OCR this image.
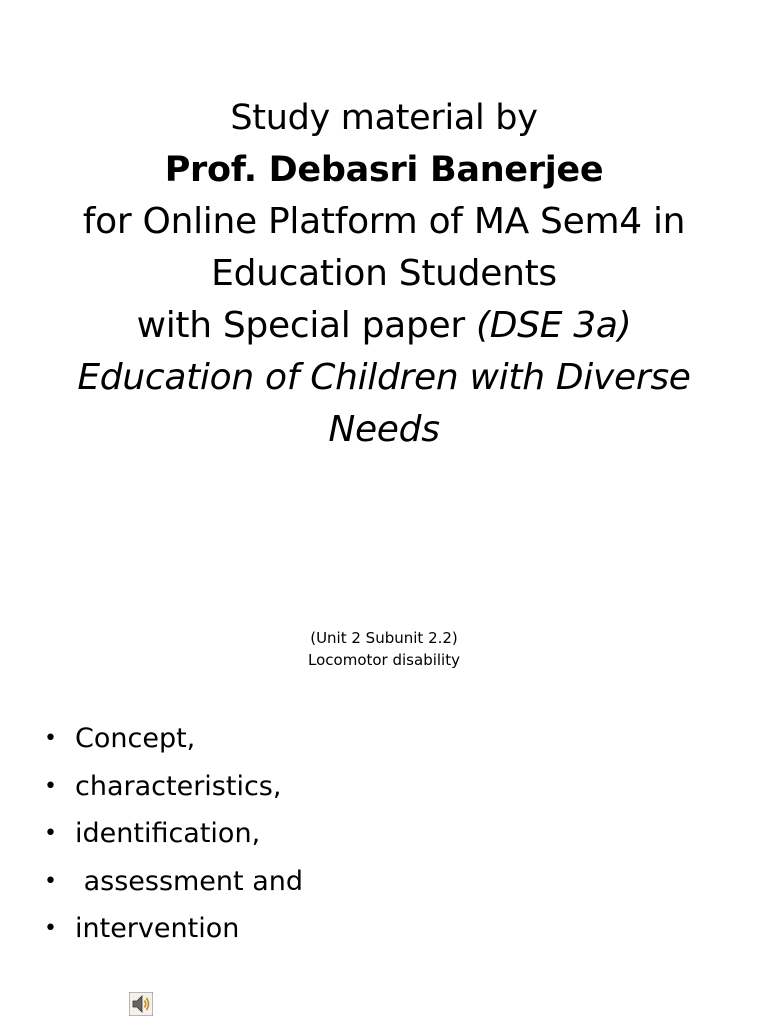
Study material by
Prof. Debasri Banerjee
for Online Platform of MA Sem4 in
Education Students
with Special paper (DSE 3a)
Education of Children with Diverse
Needs
(Unit 2 Subunit 2.2)
Locomotor disability
• Concept,
• characteristics,
• identification,
• assessment and
• intervention
